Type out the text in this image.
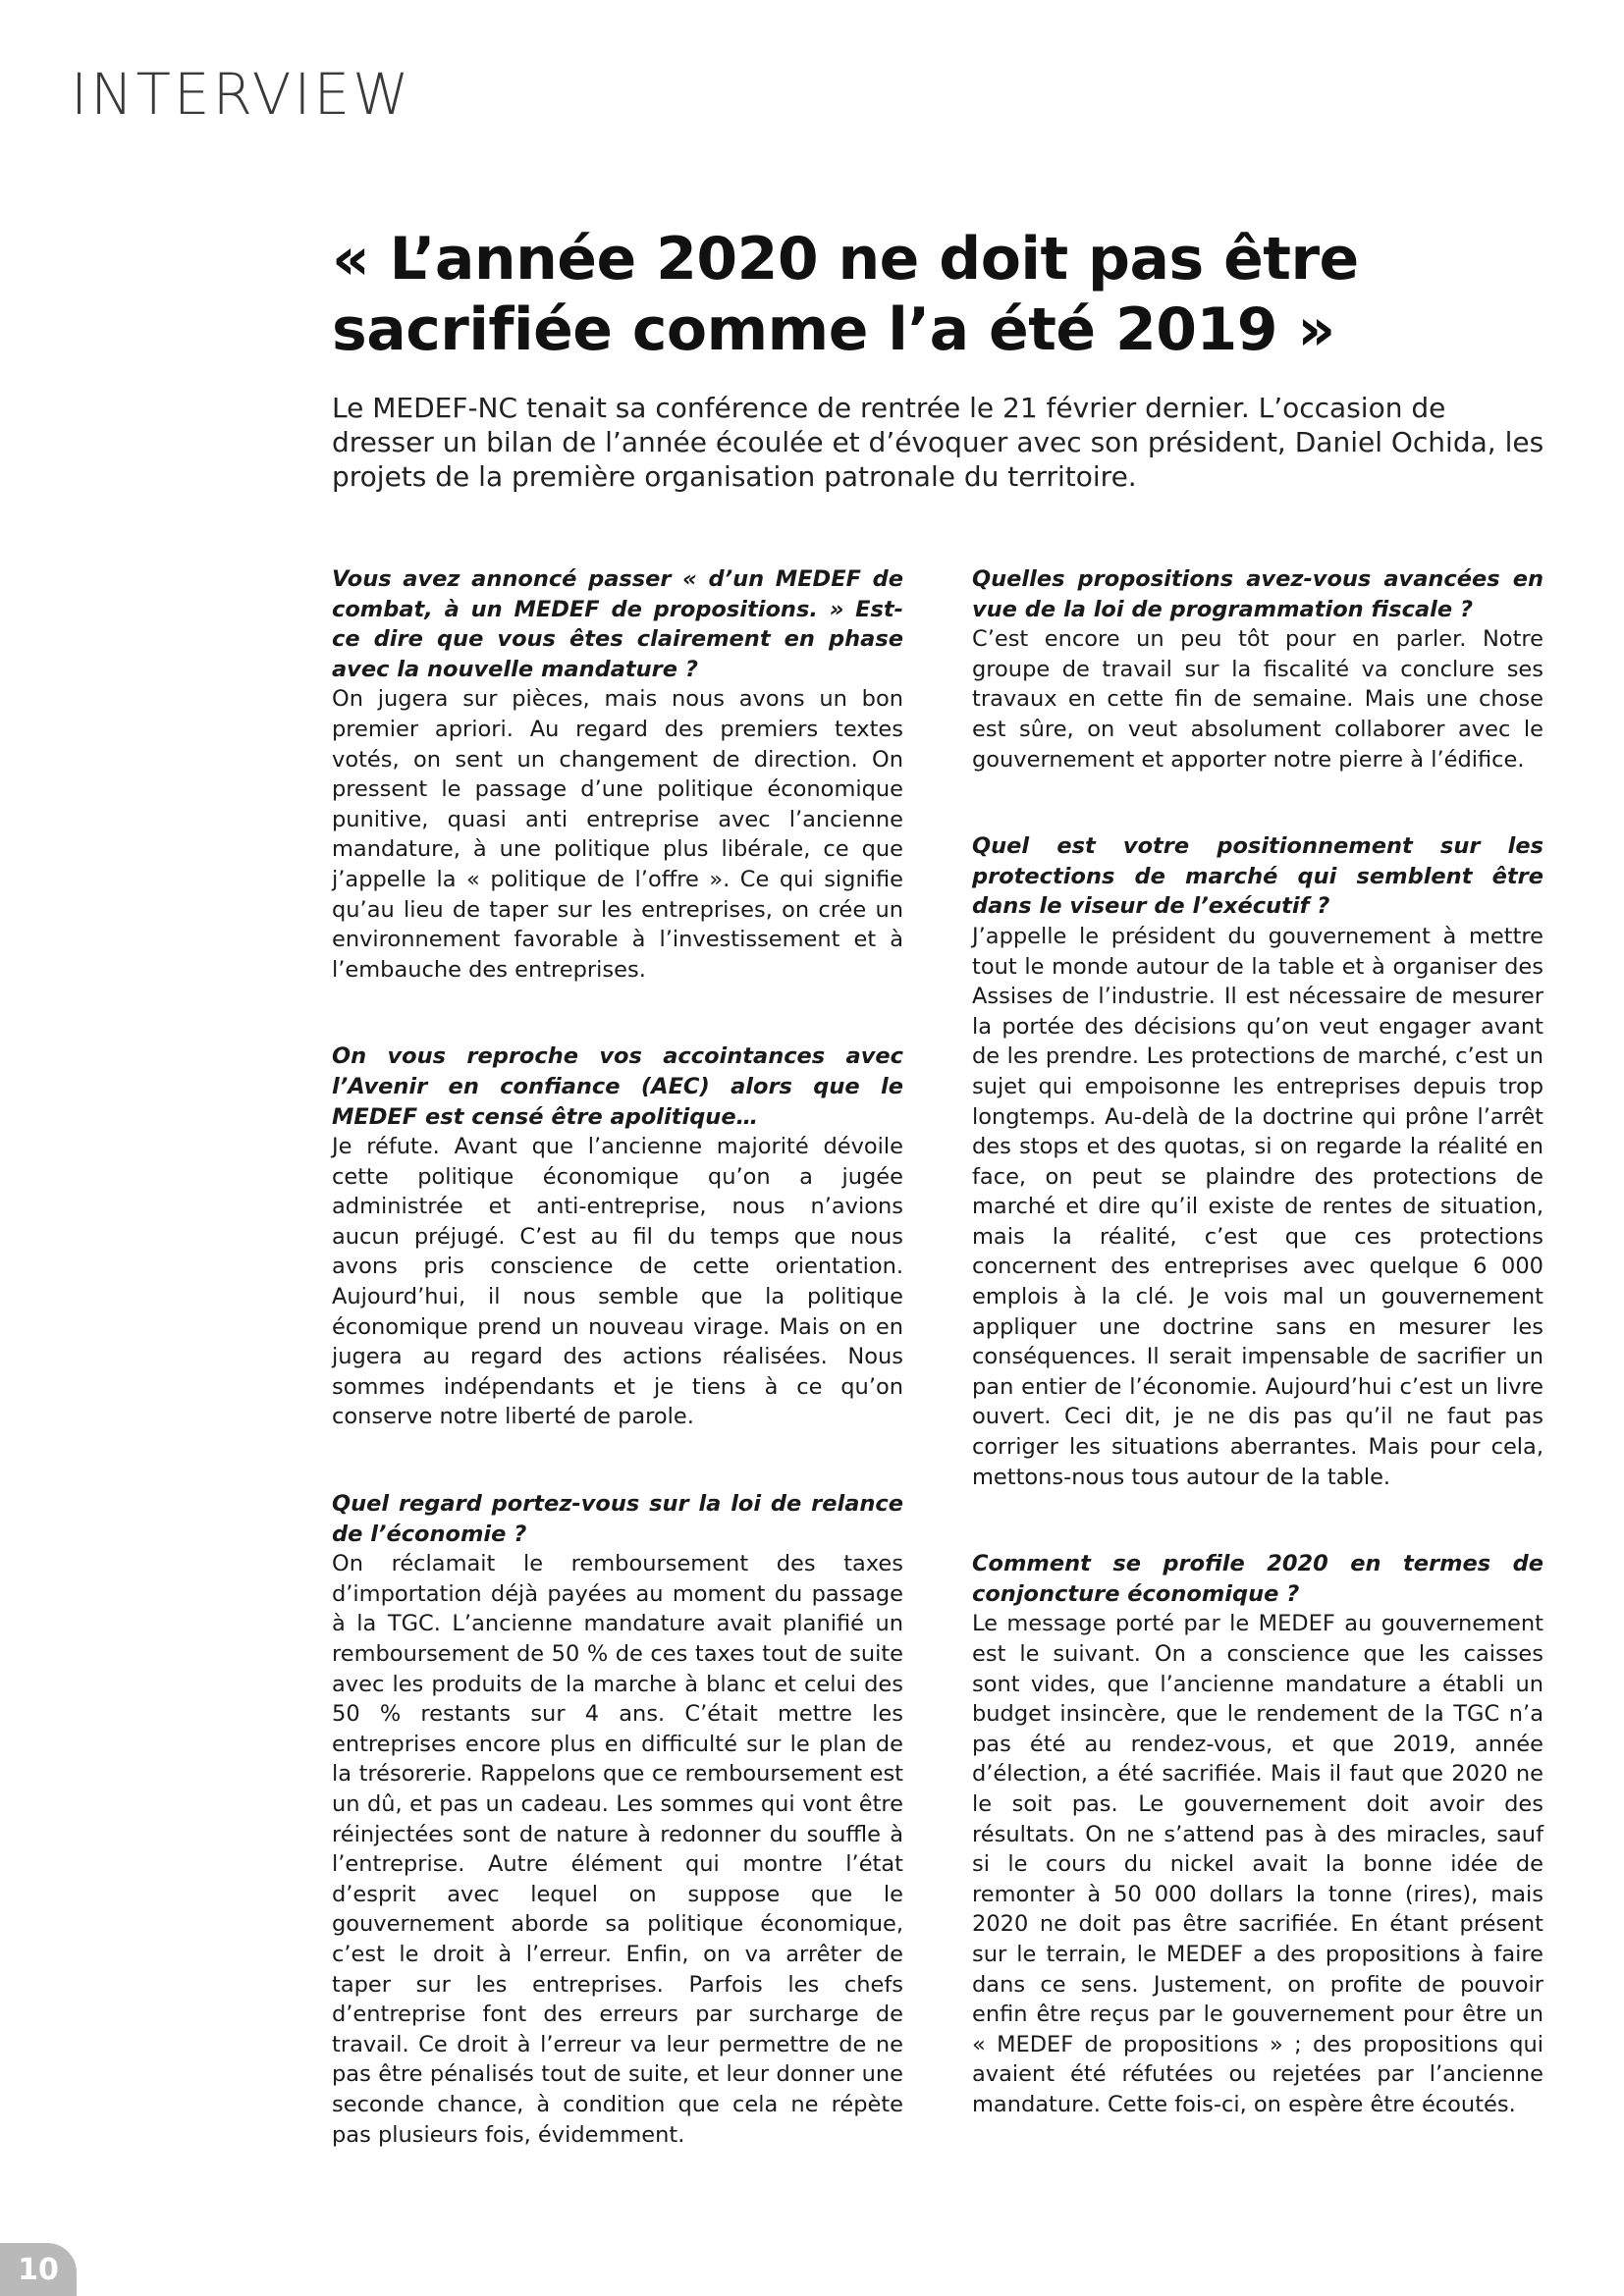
INTERVIEW
« L’année 2020 ne doit pas être sacrifiée comme l’a été 2019 »

Le MEDEF-NC tenait sa conférence de rentrée le 21 février dernier. L’occasion de dresser un bilan de l’année écoulée et d’évoquer avec son président, Daniel Ochida, les projets de la première organisation patronale du territoire.

Vous avez annoncé passer « d’un MEDEF de combat, à un MEDEF de propositions. » Est-ce dire que vous êtes clairement en phase avec la nouvelle mandature ?

On jugera sur pièces, mais nous avons un bon premier apriori. Au regard des premiers textes votés, on sent un changement de direction. On pressent le passage d’une politique économique punitive, quasi anti entreprise avec l’ancienne mandature, à une politique plus libérale, ce que j’appelle la « politique de l’offre ». Ce qui signifie qu’au lieu de taper sur les entreprises, on crée un environnement favorable à l’investissement et à l’embauche des entreprises.

On vous reproche vos accointances avec l’Avenir en confiance (AEC) alors que le MEDEF est censé être apolitique…

Je réfute. Avant que l’ancienne majorité dévoile cette politique économique qu’on a jugée administrée et anti-entreprise, nous n’avions aucun préjugé. C’est au fil du temps que nous avons pris conscience de cette orientation. Aujourd’hui, il nous semble que la politique économique prend un nouveau virage. Mais on en jugera au regard des actions réalisées. Nous sommes indépendants et je tiens à ce qu’on conserve notre liberté de parole.

Quel regard portez-vous sur la loi de relance de l’économie ?

On réclamait le remboursement des taxes d’importation déjà payées au moment du passage à la TGC. L’ancienne mandature avait planifié un remboursement de 50 % de ces taxes tout de suite avec les produits de la marche à blanc et celui des 50 % restants sur 4 ans. C’était mettre les entreprises encore plus en difficulté sur le plan de la trésorerie. Rappelons que ce remboursement est un dû, et pas un cadeau. Les sommes qui vont être réinjectées sont de nature à redonner du souffle à l’entreprise. Autre élément qui montre l’état d’esprit avec lequel on suppose que le gouvernement aborde sa politique économique, c’est le droit à l’erreur. Enfin, on va arrêter de taper sur les entreprises. Parfois les chefs d’entreprise font des erreurs par surcharge de travail. Ce droit à l’erreur va leur permettre de ne pas être pénalisés tout de suite, et leur donner une seconde chance, à condition que cela ne répète pas plusieurs fois, évidemment.

Quelles propositions avez-vous avancées en vue de la loi de programmation fiscale ?

C’est encore un peu tôt pour en parler. Notre groupe de travail sur la fiscalité va conclure ses travaux en cette fin de semaine. Mais une chose est sûre, on veut absolument collaborer avec le gouvernement et apporter notre pierre à l’édifice.

Quel est votre positionnement sur les protections de marché qui semblent être dans le viseur de l’exécutif ?

J’appelle le président du gouvernement à mettre tout le monde autour de la table et à organiser des Assises de l’industrie. Il est nécessaire de mesurer la portée des décisions qu’on veut engager avant de les prendre. Les protections de marché, c’est un sujet qui empoisonne les entreprises depuis trop longtemps. Au-delà de la doctrine qui prône l’arrêt des stops et des quotas, si on regarde la réalité en face, on peut se plaindre des protections de marché et dire qu’il existe de rentes de situation, mais la réalité, c’est que ces protections concernent des entreprises avec quelque 6 000 emplois à la clé. Je vois mal un gouvernement appliquer une doctrine sans en mesurer les conséquences. Il serait impensable de sacrifier un pan entier de l’économie. Aujourd’hui c’est un livre ouvert. Ceci dit, je ne dis pas qu’il ne faut pas corriger les situations aberrantes. Mais pour cela, mettons-nous tous autour de la table.

Comment se profile 2020 en termes de conjoncture économique ?

Le message porté par le MEDEF au gouvernement est le suivant. On a conscience que les caisses sont vides, que l’ancienne mandature a établi un budget insincère, que le rendement de la TGC n’a pas été au rendez-vous, et que 2019, année d’élection, a été sacrifiée. Mais il faut que 2020 ne le soit pas. Le gouvernement doit avoir des résultats. On ne s’attend pas à des miracles, sauf si le cours du nickel avait la bonne idée de remonter à 50 000 dollars la tonne (rires), mais 2020 ne doit pas être sacrifiée. En étant présent sur le terrain, le MEDEF a des propositions à faire dans ce sens. Justement, on profite de pouvoir enfin être reçus par le gouvernement pour être un « MEDEF de propositions » ; des propositions qui avaient été réfutées ou rejetées par l’ancienne mandature. Cette fois-ci, on espère être écoutés.

10
